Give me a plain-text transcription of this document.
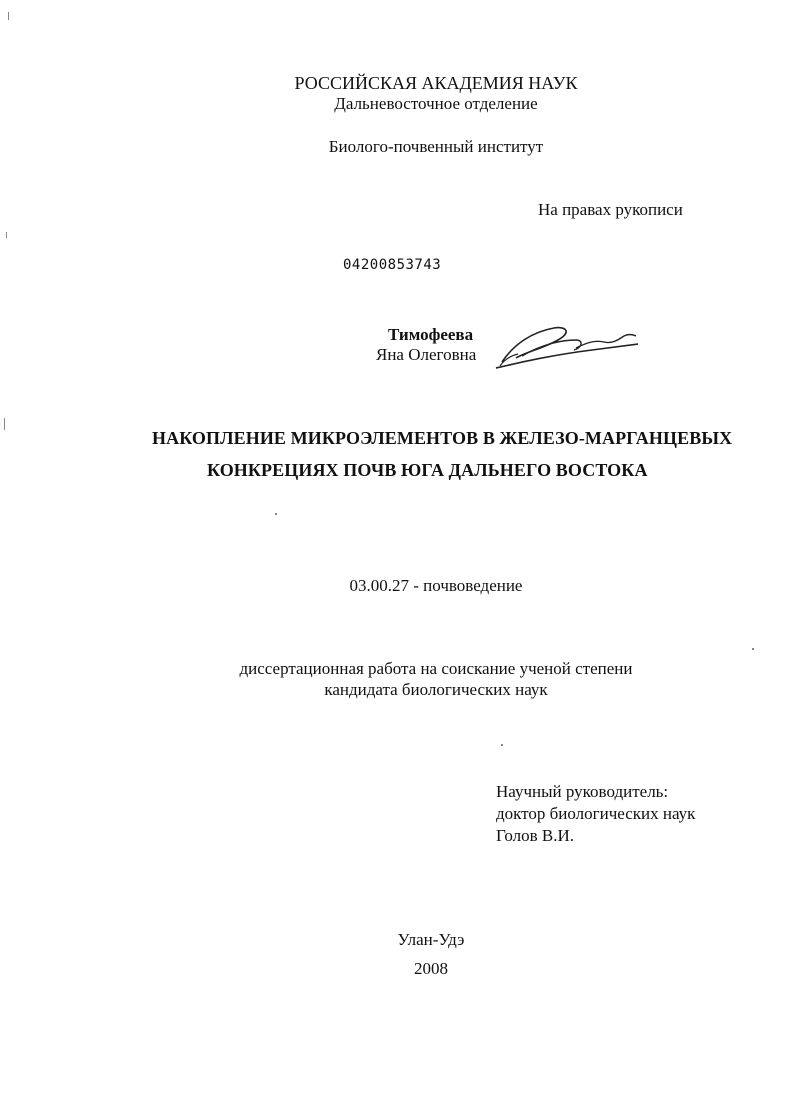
РОССИЙСКАЯ АКАДЕМИЯ НАУК
Дальневосточное отделение
Биолого-почвенный институт
На правах рукописи
04200853743
Тимофеева
Яна Олеговна
НАКОПЛЕНИЕ МИКРОЭЛЕМЕНТОВ В ЖЕЛЕЗО-МАРГАНЦЕВЫХ
КОНКРЕЦИЯХ ПОЧВ ЮГА ДАЛЬНЕГО ВОСТОКА
03.00.27 - почвоведение
диссертационная работа на соискание ученой степени
кандидата биологических наук
Научный руководитель:
доктор биологических наук
Голов В.И.
Улан-Удэ
2008
